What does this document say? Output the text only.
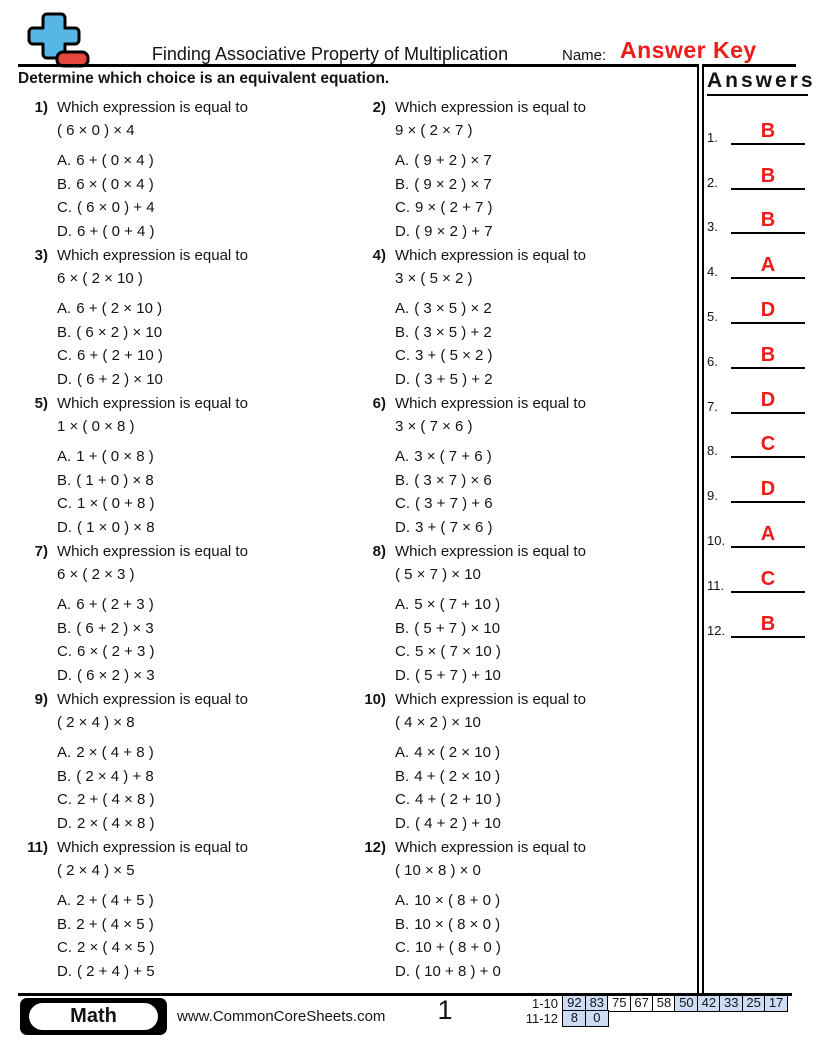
Finding Associative Property of Multiplication	Name: Answer Key

Determine which choice is an equivalent equation.

1) Which expression is equal to
( 6 × 0 ) × 4
A. 6 + ( 0 × 4 )
B. 6 × ( 0 × 4 )
C. ( 6 × 0 ) + 4
D. 6 + ( 0 + 4 )
2) Which expression is equal to
9 × ( 2 × 7 )
A. ( 9 + 2 ) × 7
B. ( 9 × 2 ) × 7
C. 9 × ( 2 + 7 )
D. ( 9 × 2 ) + 7
3) Which expression is equal to
6 × ( 2 × 10 )
A. 6 + ( 2 × 10 )
B. ( 6 × 2 ) × 10
C. 6 + ( 2 + 10 )
D. ( 6 + 2 ) × 10
4) Which expression is equal to
3 × ( 5 × 2 )
A. ( 3 × 5 ) × 2
B. ( 3 × 5 ) + 2
C. 3 + ( 5 × 2 )
D. ( 3 + 5 ) + 2
5) Which expression is equal to
1 × ( 0 × 8 )
A. 1 + ( 0 × 8 )
B. ( 1 + 0 ) × 8
C. 1 × ( 0 + 8 )
D. ( 1 × 0 ) × 8
6) Which expression is equal to
3 × ( 7 × 6 )
A. 3 × ( 7 + 6 )
B. ( 3 × 7 ) × 6
C. ( 3 + 7 ) + 6
D. 3 + ( 7 × 6 )
7) Which expression is equal to
6 × ( 2 × 3 )
A. 6 + ( 2 + 3 )
B. ( 6 + 2 ) × 3
C. 6 × ( 2 + 3 )
D. ( 6 × 2 ) × 3
8) Which expression is equal to
( 5 × 7 ) × 10
A. 5 × ( 7 + 10 )
B. ( 5 + 7 ) × 10
C. 5 × ( 7 × 10 )
D. ( 5 + 7 ) + 10
9) Which expression is equal to
( 2 × 4 ) × 8
A. 2 × ( 4 + 8 )
B. ( 2 × 4 ) + 8
C. 2 + ( 4 × 8 )
D. 2 × ( 4 × 8 )
10) Which expression is equal to
( 4 × 2 ) × 10
A. 4 × ( 2 × 10 )
B. 4 + ( 2 × 10 )
C. 4 + ( 2 + 10 )
D. ( 4 + 2 ) + 10
11) Which expression is equal to
( 2 × 4 ) × 5
A. 2 + ( 4 + 5 )
B. 2 + ( 4 × 5 )
C. 2 × ( 4 × 5 )
D. ( 2 + 4 ) + 5
12) Which expression is equal to
( 10 × 8 ) × 0
A. 10 × ( 8 + 0 )
B. 10 × ( 8 × 0 )
C. 10 + ( 8 + 0 )
D. ( 10 + 8 ) + 0
Answers
1.	B
2.	B
3.	B
4.	A
5.	D
6.	B
7.	D
8.	C
9.	D
10.	A
11.	C
12.	B
Math	www.CommonCoreSheets.com	1	1-10 92 83 75 67 58 50 42 33 25 17
11-12 8	0
